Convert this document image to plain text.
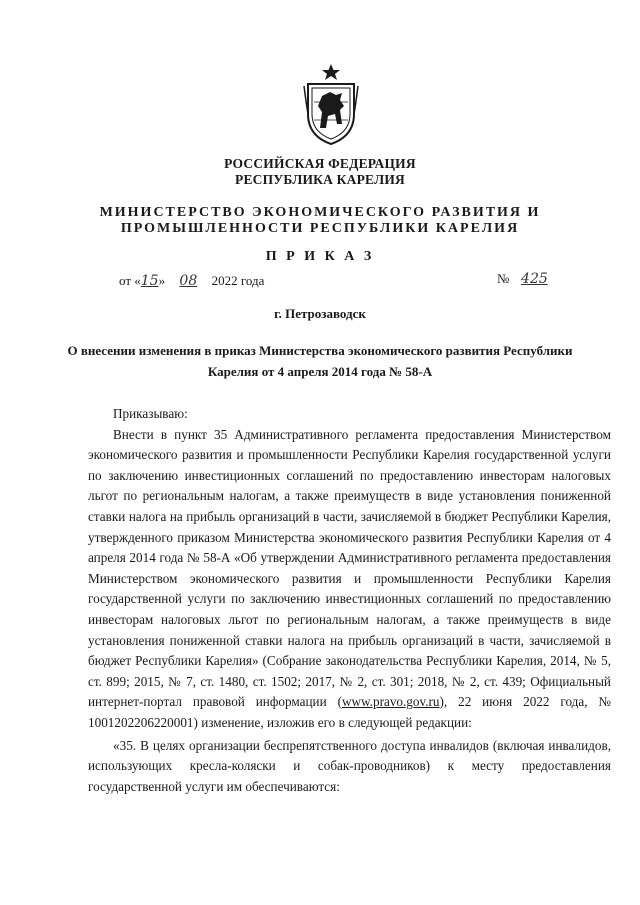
РОССИЙСКАЯ ФЕДЕРАЦИЯ
РЕСПУБЛИКА КАРЕЛИЯ
МИНИСТЕРСТВО ЭКОНОМИЧЕСКОГО РАЗВИТИЯ И
ПРОМЫШЛЕННОСТИ РЕСПУБЛИКИ КАРЕЛИЯ
П Р И К А З
от «15» 08 2022 года	№ 425
г. Петрозаводск
О внесении изменения в приказ Министерства экономического развития Республики
Карелия от 4 апреля 2014 года № 58-А

Приказываю:

Внести в пункт 35 Административного регламента предоставления Министерством экономического развития и промышленности Республики Карелия государственной услуги по заключению инвестиционных соглашений по предоставлению инвесторам налоговых льгот по региональным налогам, а также преимуществ в виде установления пониженной ставки налога на прибыль организаций в части, зачисляемой в бюджет Республики Карелия, утвержденного приказом Министерства экономического развития Республики Карелия от 4 апреля 2014 года № 58-А «Об утверждении Административного регламента предоставления Министерством экономического развития и промышленности Республики Карелия государственной услуги по заключению инвестиционных соглашений по предоставлению инвесторам налоговых льгот по региональным налогам, а также преимуществ в виде установления пониженной ставки налога на прибыль организаций в части, зачисляемой в бюджет Республики Карелия» (Собрание законодательства Республики Карелия, 2014, № 5, ст. 899; 2015, № 7, ст. 1480, ст. 1502; 2017, № 2, ст. 301; 2018, № 2, ст. 439; Официальный интернет-портал правовой информации (www.pravo.gov.ru), 22 июня 2022 года, № 1001202206220001) изменение, изложив его в следующей редакции:

«35. В целях организации беспрепятственного доступа инвалидов (включая инвалидов, использующих кресла-коляски и собак-проводников) к месту предоставления государственной услуги им обеспечиваются:
